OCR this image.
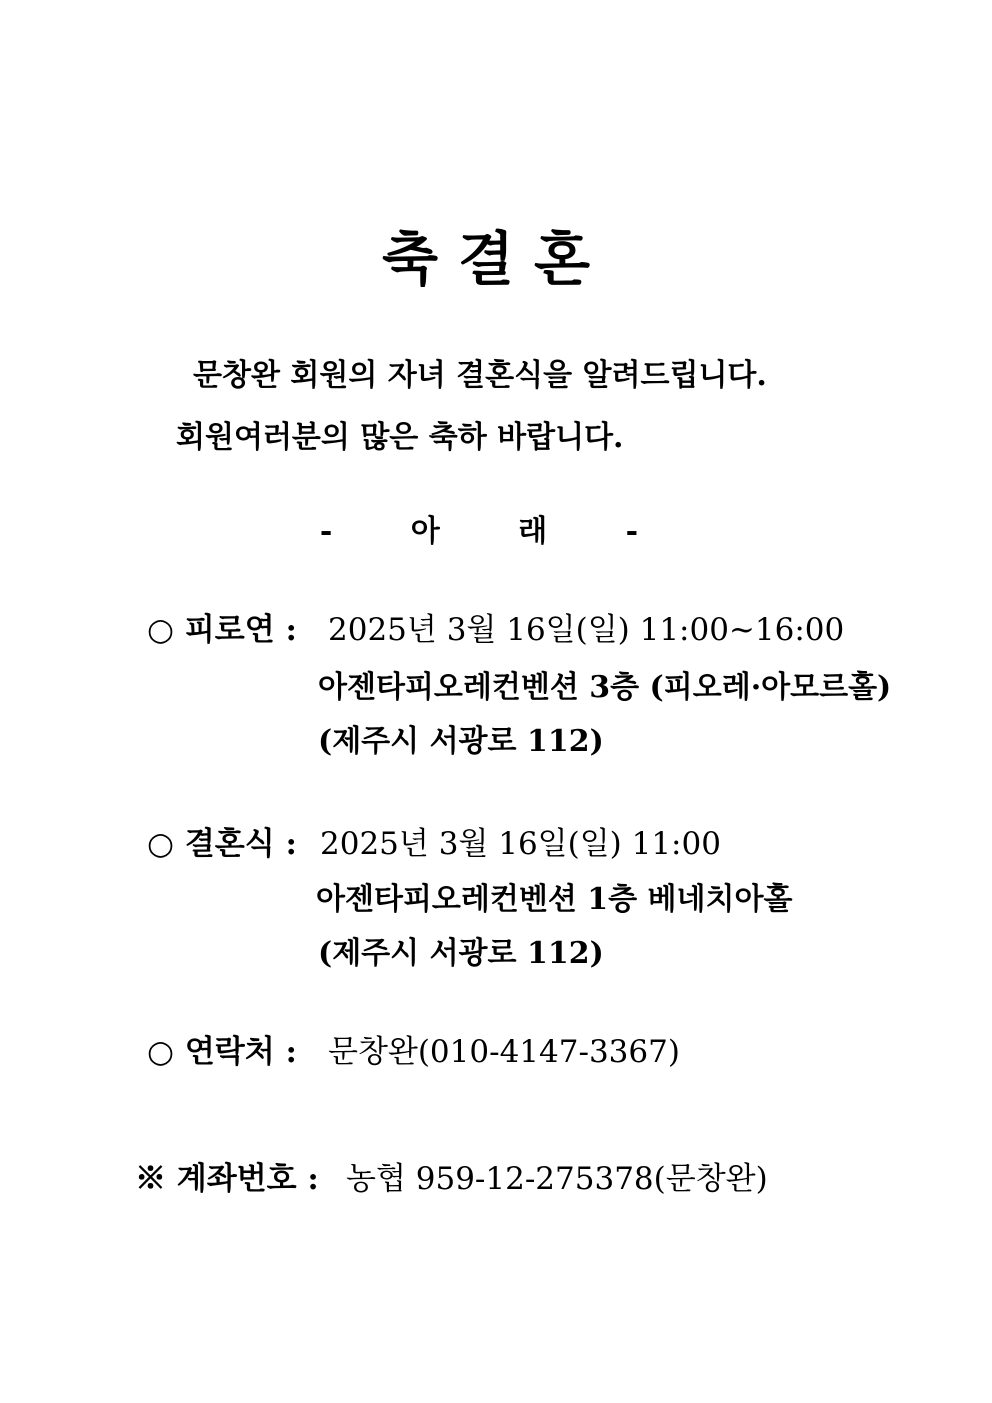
축결혼
문창완 회원의 자녀 결혼식을 알려드립니다.
회원여러분의 많은 축하 바랍니다.
- 아 래 -
○ 피로연 : 2025년 3월 16일(일) 11:00~16:00
아젠타피오레컨벤션 3층 (피오레·아모르홀)
(제주시 서광로 112)
○ 결혼식 : 2025년 3월 16일(일) 11:00
아젠타피오레컨벤션 1층 베네치아홀
(제주시 서광로 112)
○ 연락처 : 문창완(010-4147-3367)
※ 계좌번호 : 농협 959-12-275378(문창완)
